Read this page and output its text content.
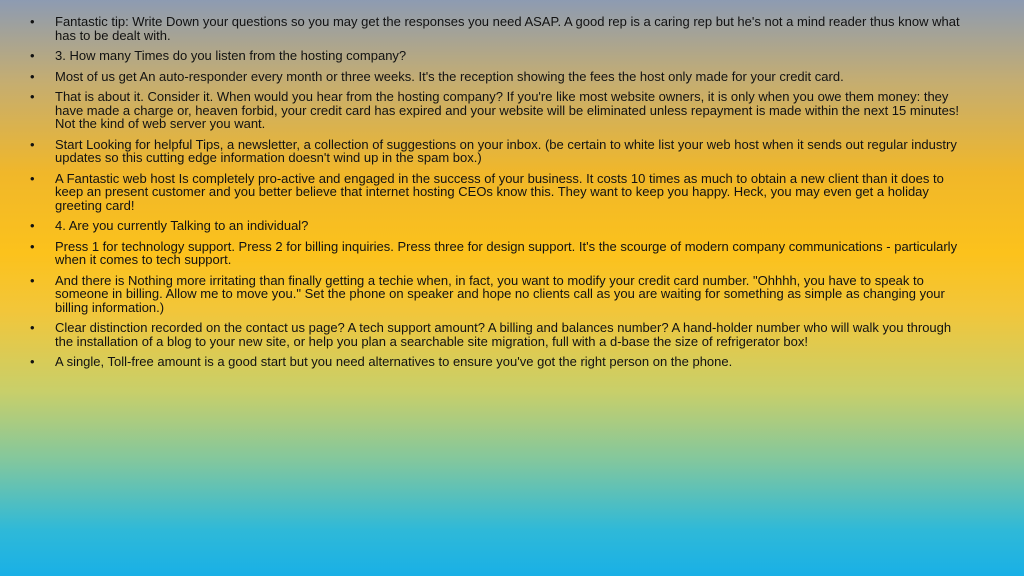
• Fantastic tip: Write Down your questions so you may get the responses you need ASAP. A good rep is a caring rep but he's not a mind reader thus know what has to be dealt with.
• 3. How many Times do you listen from the hosting company?
• Most of us get An auto-responder every month or three weeks. It's the reception showing the fees the host only made for your credit card.
• That is about it. Consider it. When would you hear from the hosting company? If you're like most website owners, it is only when you owe them money: they have made a charge or, heaven forbid, your credit card has expired and your website will be eliminated unless repayment is made within the next 15 minutes! Not the kind of web server you want.
• Start Looking for helpful Tips, a newsletter, a collection of suggestions on your inbox. (be certain to white list your web host when it sends out regular industry updates so this cutting edge information doesn't wind up in the spam box.)
• A Fantastic web host Is completely pro-active and engaged in the success of your business. It costs 10 times as much to obtain a new client than it does to keep an present customer and you better believe that internet hosting CEOs know this. They want to keep you happy. Heck, you may even get a holiday greeting card!
• 4. Are you currently Talking to an individual?
• Press 1 for technology support. Press 2 for billing inquiries. Press three for design support. It's the scourge of modern company communications - particularly when it comes to tech support.
• And there is Nothing more irritating than finally getting a techie when, in fact, you want to modify your credit card number. "Ohhhh, you have to speak to someone in billing. Allow me to move you." Set the phone on speaker and hope no clients call as you are waiting for something as simple as changing your billing information.)
• Clear distinction recorded on the contact us page? A tech support amount? A billing and balances number? A hand-holder number who will walk you through the installation of a blog to your new site, or help you plan a searchable site migration, full with a d-base the size of refrigerator box!
• A single, Toll-free amount is a good start but you need alternatives to ensure you've got the right person on the phone.
